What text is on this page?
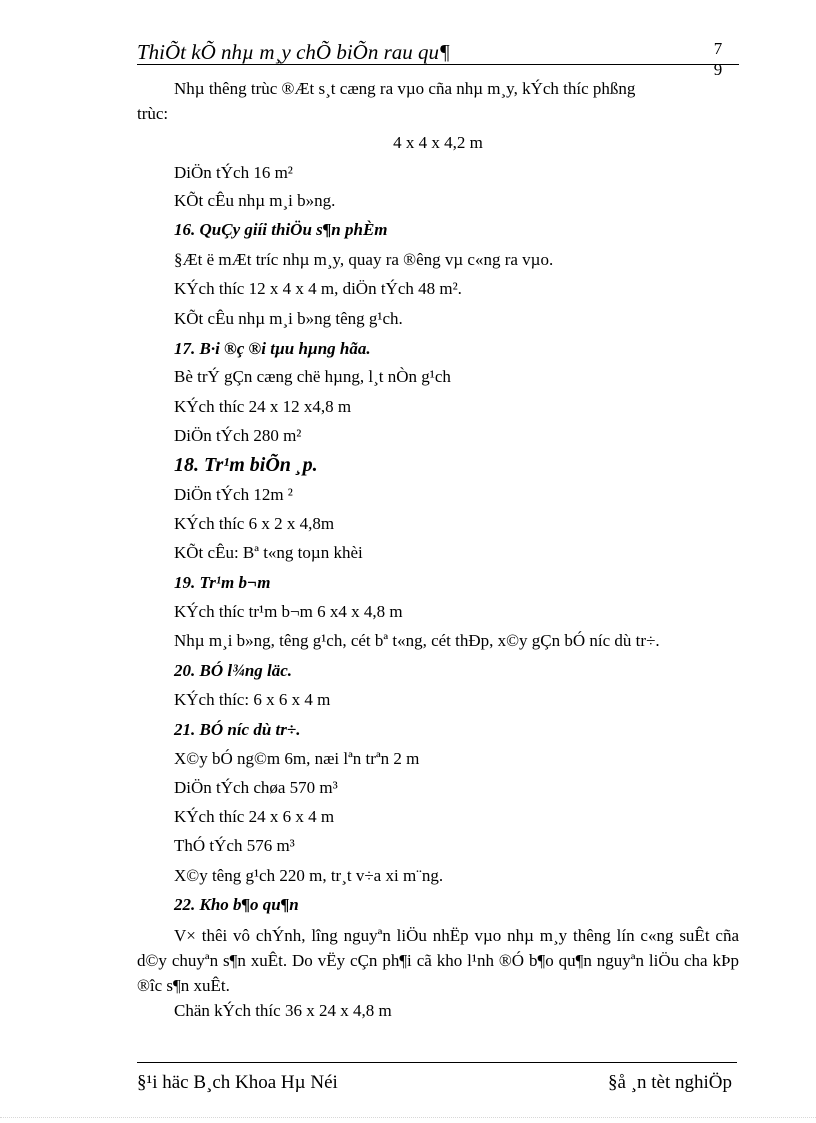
ThiÕt kÕ nhµ m¸y chÕ biÕn rau qu¶	7
9
Nhµ thêng trùc ®Æt s¸t cæng ra vµo cña nhµ m¸y, kÝch thíc phßng
trùc:
4 x 4 x 4,2 m
DiÖn tÝch 16 m²
KÕt cÊu nhµ m¸i b»ng.
16. QuÇy giíi thiÖu s¶n phÈm
§Æt ë mÆt tríc nhµ m¸y, quay ra ®êng vµ c«ng ra vµo.
KÝch thíc 12 x 4 x 4 m, diÖn tÝch 48 m².
KÕt cÊu nhµ m¸i b»ng têng g¹ch.
17. B·i ®ç ®i tµu hµng hãa.
Bè trÝ gÇn cæng chë hµng, l¸t nÒn g¹ch
KÝch thíc 24 x 12 x4,8 m
DiÖn tÝch 280 m²
18. Tr¹m biÕn ¸p.
DiÖn tÝch 12m ²
KÝch thíc 6 x 2 x 4,8m
KÕt cÊu: Bª t«ng toµn khèi
19. Tr¹m b¬m
KÝch thíc tr¹m b¬m 6 x4 x 4,8 m
Nhµ m¸i b»ng, têng g¹ch, cét bª t«ng, cét thÐp, x©y gÇn bÓ níc dù tr÷.
20. BÓ l¾ng läc.
KÝch thíc: 6 x 6 x 4 m
21. BÓ níc dù tr÷.
X©y bÓ ng©m 6m, næi lªn trªn 2 m
DiÖn tÝch chøa 570 m³
KÝch thíc 24 x 6 x 4 m
ThÓ tÝch 576 m³
X©y têng g¹ch 220 m, tr¸t v÷a xi m¨ng.
22. Kho b¶o qu¶n
V× thêi vô chÝnh, lîng nguyªn liÖu nhËp vµo nhµ m¸y thêng lín c«ng suÊt cña d©y chuyªn s¶n xuÊt. Do vËy cÇn ph¶i cã kho l¹nh ®Ó b¶o qu¶n nguyªn liÖu cha kÞp ®îc s¶n xuÊt.
Chän kÝch thíc 36 x 24 x 4,8 m
§¹i häc B¸ch Khoa Hµ Néi	§å ¸n tèt nghiÖp
